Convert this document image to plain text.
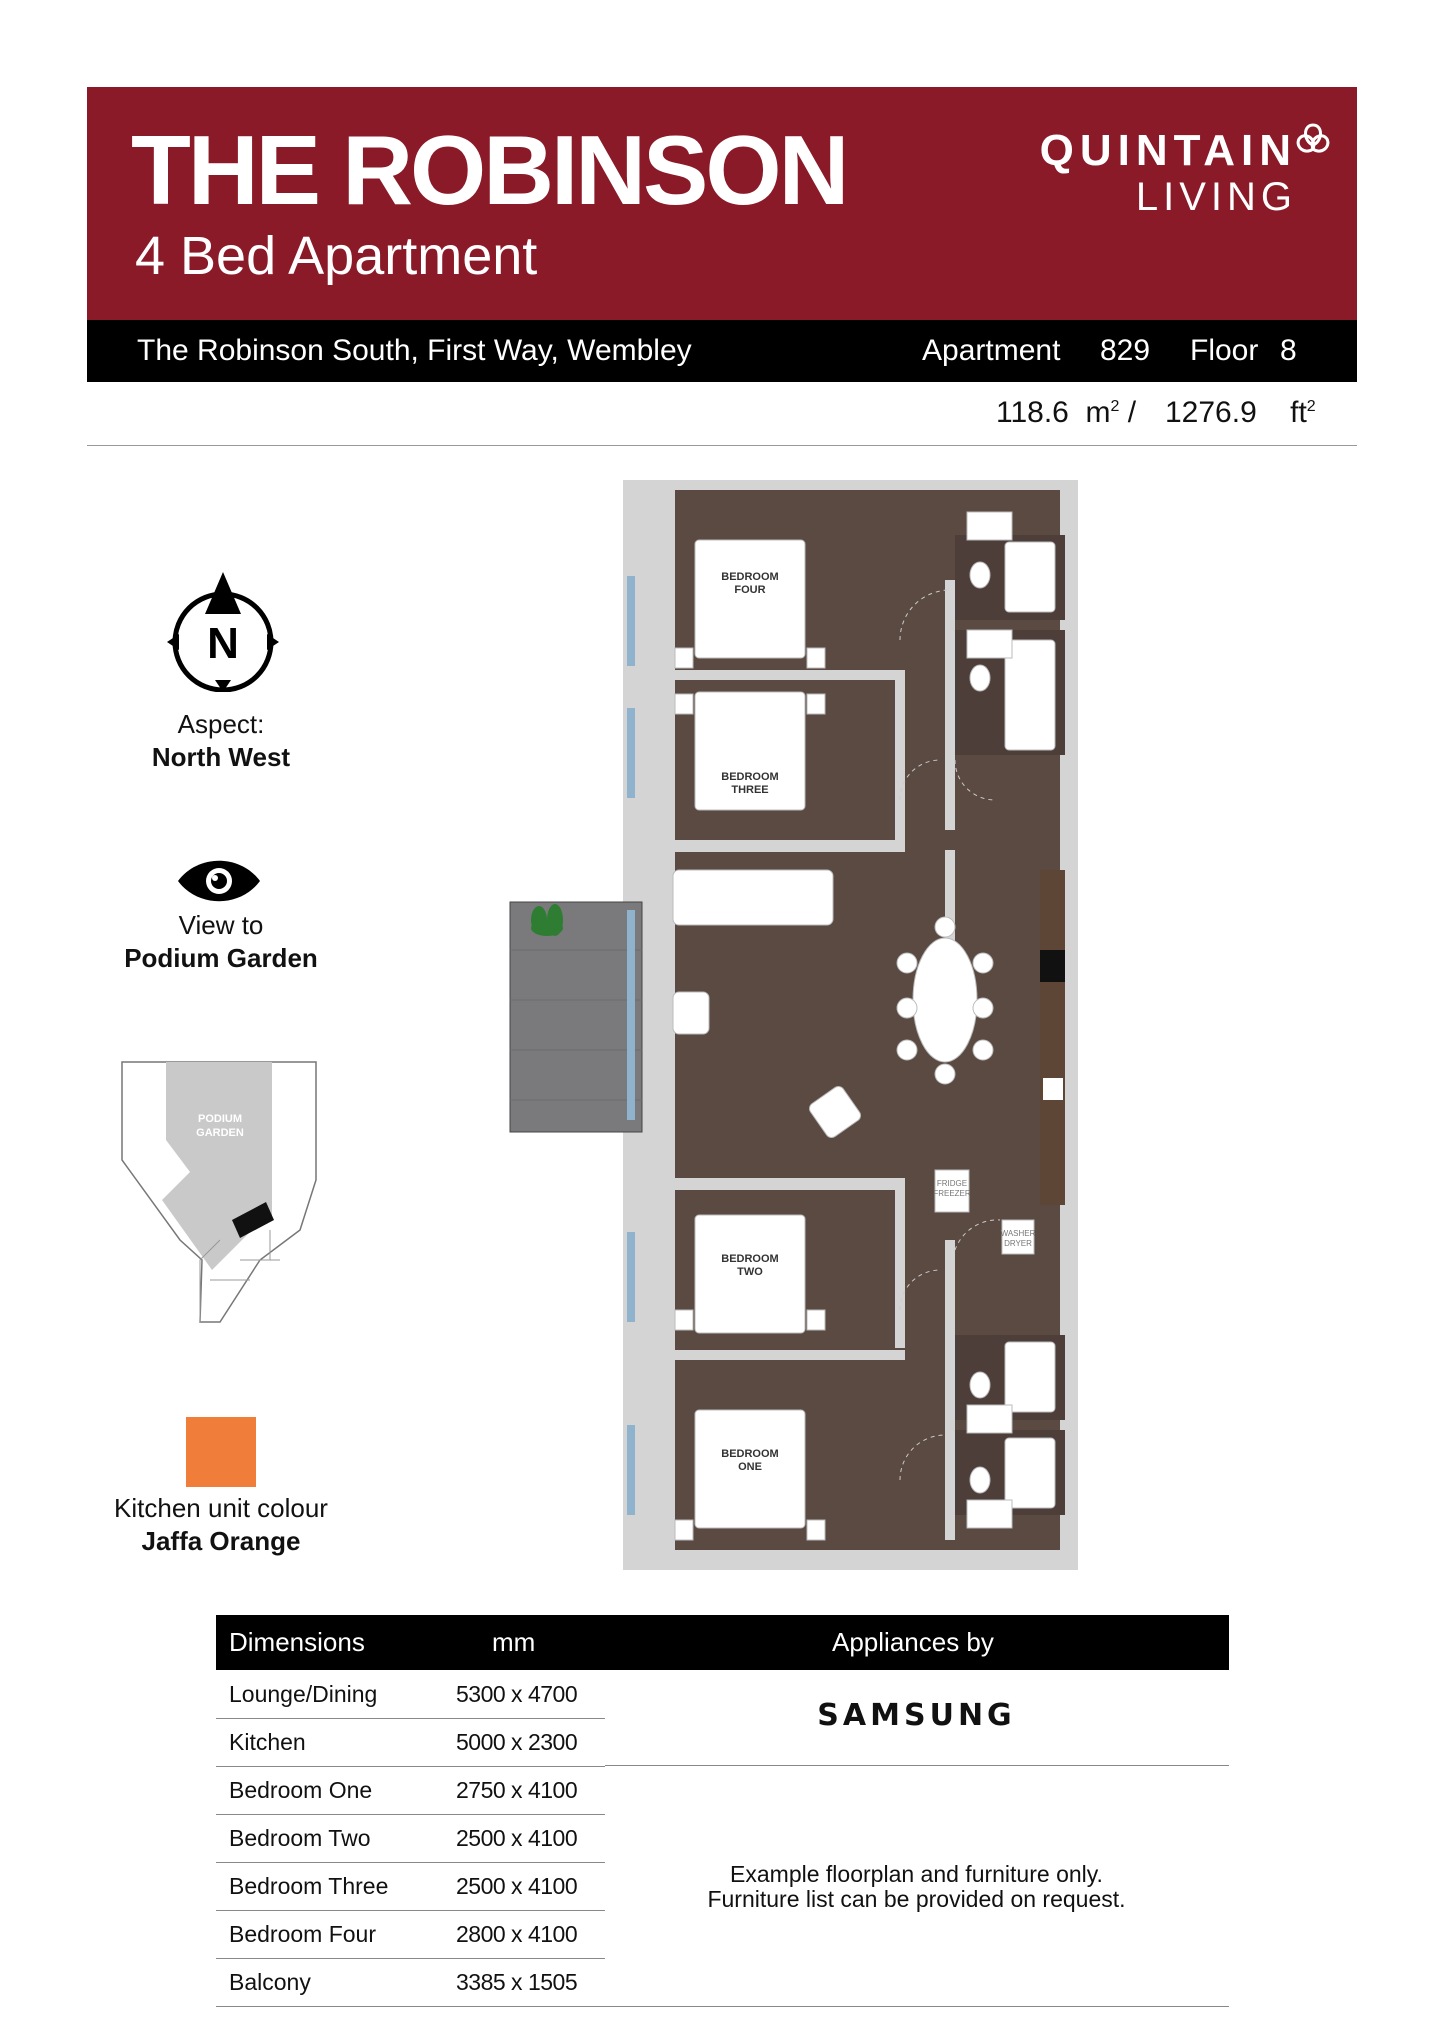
THE ROBINSON
4 Bed Apartment
QUINTAIN
LIVING
The Robinson South, First Way, Wembley	Apartment 829 Floor 8
118.6 $m^2 / 1276.9$ $ft^2$
N
Aspect:
North West
View to
Podium Garden
PODIUM
GARDEN
Kitchen unit colour
Jaffa Orange
BEDROOM
FOUR
BEDROOM
THREE
BEDROOM
TWO
BEDROOM
ONE
FRIDGE
FREEZER
WASHER
DRYER
Dimensions	mm	Appliances by
Lounge/Dining	5300 x 4700
Kitchen	5000 x 2300
Bedroom One	2750 x 4100
Bedroom Two	2500 x 4100
Bedroom Three	2500 x 4100
Bedroom Four	2800 x 4100
Balcony	3385 x 1505
SAMSUNG
Example floorplan and furniture only.
Furniture list can be provided on request.
